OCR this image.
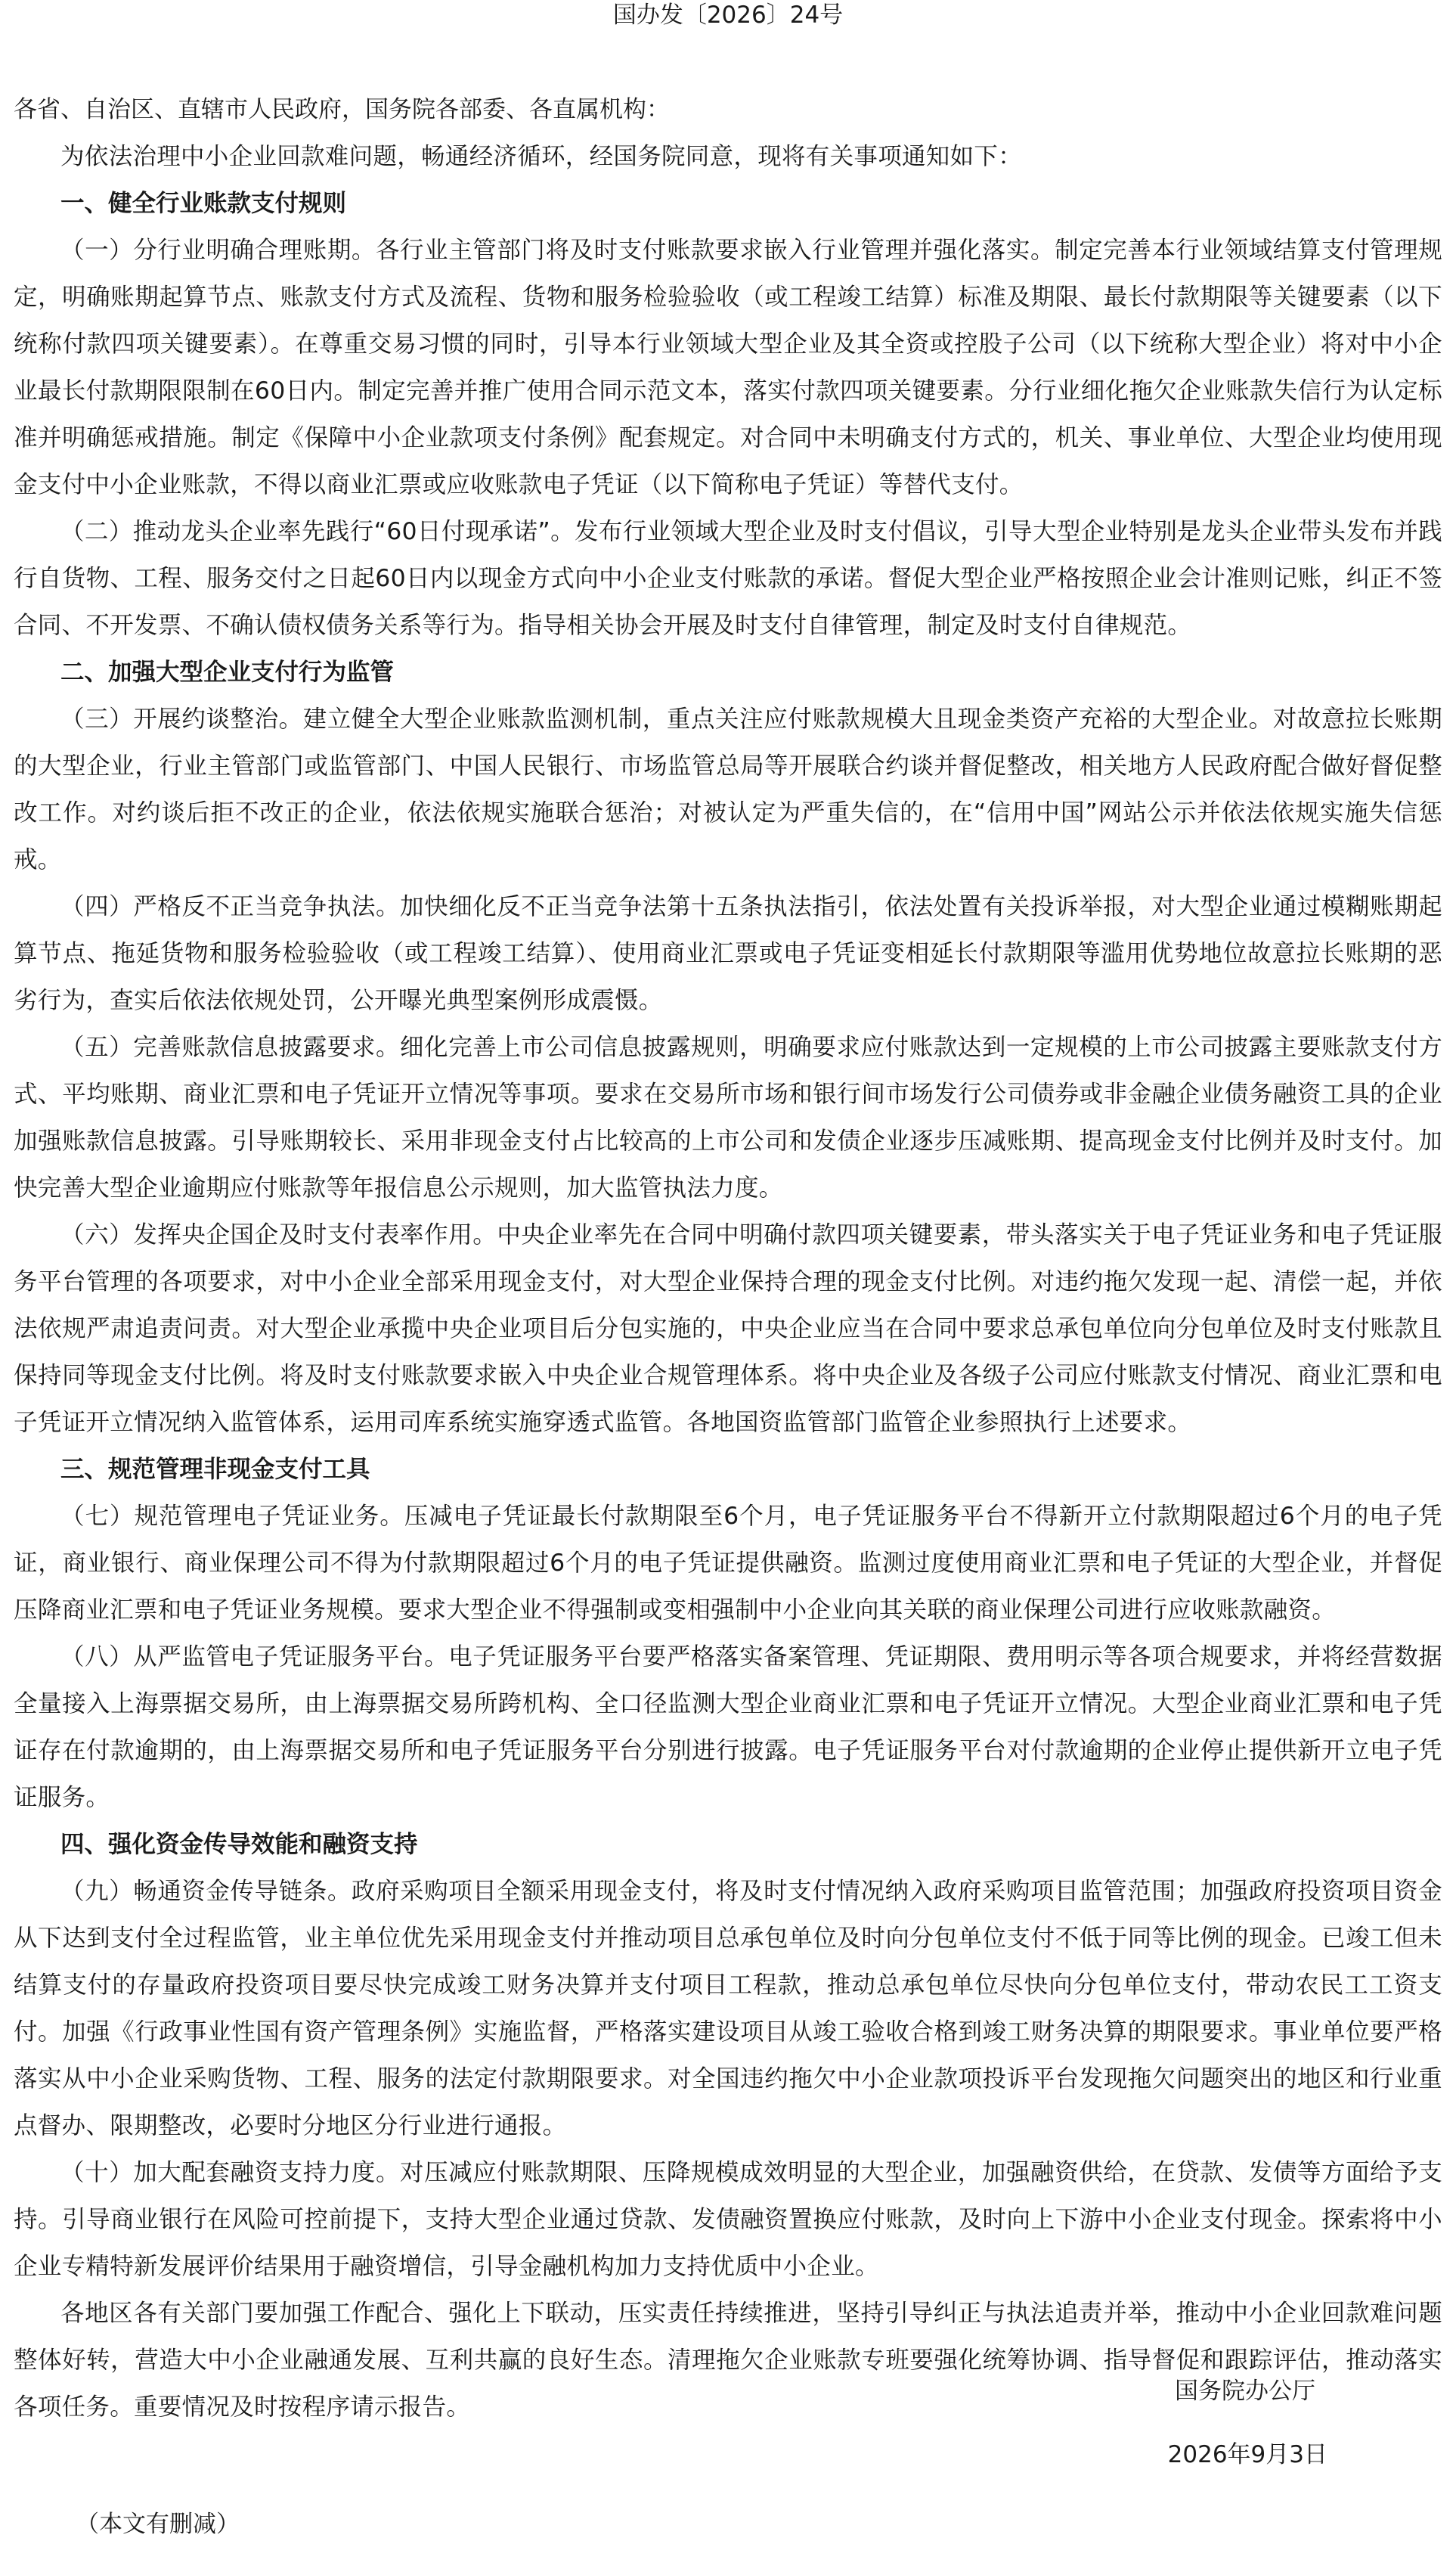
国办发〔2026〕24号

各省、自治区、直辖市人民政府，国务院各部委、各直属机构：

为依法治理中小企业回款难问题，畅通经济循环，经国务院同意，现将有关事项通知如下：

一、健全行业账款支付规则

（一）分行业明确合理账期。各行业主管部门将及时支付账款要求嵌入行业管理并强化落实。制定完善本行业领域结算支付管理规定，明确账期起算节点、账款支付方式及流程、货物和服务检验验收（或工程竣工结算）标准及期限、最长付款期限等关键要素（以下统称付款四项关键要素）。在尊重交易习惯的同时，引导本行业领域大型企业及其全资或控股子公司（以下统称大型企业）将对中小企业最长付款期限限制在60日内。制定完善并推广使用合同示范文本，落实付款四项关键要素。分行业细化拖欠企业账款失信行为认定标准并明确惩戒措施。制定《保障中小企业款项支付条例》配套规定。对合同中未明确支付方式的，机关、事业单位、大型企业均使用现金支付中小企业账款，不得以商业汇票或应收账款电子凭证（以下简称电子凭证）等替代支付。

（二）推动龙头企业率先践行“60日付现承诺”。发布行业领域大型企业及时支付倡议，引导大型企业特别是龙头企业带头发布并践行自货物、工程、服务交付之日起60日内以现金方式向中小企业支付账款的承诺。督促大型企业严格按照企业会计准则记账，纠正不签合同、不开发票、不确认债权债务关系等行为。指导相关协会开展及时支付自律管理，制定及时支付自律规范。

二、加强大型企业支付行为监管

（三）开展约谈整治。建立健全大型企业账款监测机制，重点关注应付账款规模大且现金类资产充裕的大型企业。对故意拉长账期的大型企业，行业主管部门或监管部门、中国人民银行、市场监管总局等开展联合约谈并督促整改，相关地方人民政府配合做好督促整改工作。对约谈后拒不改正的企业，依法依规实施联合惩治；对被认定为严重失信的，在“信用中国”网站公示并依法依规实施失信惩戒。

（四）严格反不正当竞争执法。加快细化反不正当竞争法第十五条执法指引，依法处置有关投诉举报，对大型企业通过模糊账期起算节点、拖延货物和服务检验验收（或工程竣工结算）、使用商业汇票或电子凭证变相延长付款期限等滥用优势地位故意拉长账期的恶劣行为，查实后依法依规处罚，公开曝光典型案例形成震慑。

（五）完善账款信息披露要求。细化完善上市公司信息披露规则，明确要求应付账款达到一定规模的上市公司披露主要账款支付方式、平均账期、商业汇票和电子凭证开立情况等事项。要求在交易所市场和银行间市场发行公司债券或非金融企业债务融资工具的企业加强账款信息披露。引导账期较长、采用非现金支付占比较高的上市公司和发债企业逐步压减账期、提高现金支付比例并及时支付。加快完善大型企业逾期应付账款等年报信息公示规则，加大监管执法力度。

（六）发挥央企国企及时支付表率作用。中央企业率先在合同中明确付款四项关键要素，带头落实关于电子凭证业务和电子凭证服务平台管理的各项要求，对中小企业全部采用现金支付，对大型企业保持合理的现金支付比例。对违约拖欠发现一起、清偿一起，并依法依规严肃追责问责。对大型企业承揽中央企业项目后分包实施的，中央企业应当在合同中要求总承包单位向分包单位及时支付账款且保持同等现金支付比例。将及时支付账款要求嵌入中央企业合规管理体系。将中央企业及各级子公司应付账款支付情况、商业汇票和电子凭证开立情况纳入监管体系，运用司库系统实施穿透式监管。各地国资监管部门监管企业参照执行上述要求。

三、规范管理非现金支付工具

（七）规范管理电子凭证业务。压减电子凭证最长付款期限至6个月，电子凭证服务平台不得新开立付款期限超过6个月的电子凭证，商业银行、商业保理公司不得为付款期限超过6个月的电子凭证提供融资。监测过度使用商业汇票和电子凭证的大型企业，并督促压降商业汇票和电子凭证业务规模。要求大型企业不得强制或变相强制中小企业向其关联的商业保理公司进行应收账款融资。

（八）从严监管电子凭证服务平台。电子凭证服务平台要严格落实备案管理、凭证期限、费用明示等各项合规要求，并将经营数据全量接入上海票据交易所，由上海票据交易所跨机构、全口径监测大型企业商业汇票和电子凭证开立情况。大型企业商业汇票和电子凭证存在付款逾期的，由上海票据交易所和电子凭证服务平台分别进行披露。电子凭证服务平台对付款逾期的企业停止提供新开立电子凭证服务。

四、强化资金传导效能和融资支持

（九）畅通资金传导链条。政府采购项目全额采用现金支付，将及时支付情况纳入政府采购项目监管范围；加强政府投资项目资金从下达到支付全过程监管，业主单位优先采用现金支付并推动项目总承包单位及时向分包单位支付不低于同等比例的现金。已竣工但未结算支付的存量政府投资项目要尽快完成竣工财务决算并支付项目工程款，推动总承包单位尽快向分包单位支付，带动农民工工资支付。加强《行政事业性国有资产管理条例》实施监督，严格落实建设项目从竣工验收合格到竣工财务决算的期限要求。事业单位要严格落实从中小企业采购货物、工程、服务的法定付款期限要求。对全国违约拖欠中小企业款项投诉平台发现拖欠问题突出的地区和行业重点督办、限期整改，必要时分地区分行业进行通报。

（十）加大配套融资支持力度。对压减应付账款期限、压降规模成效明显的大型企业，加强融资供给，在贷款、发债等方面给予支持。引导商业银行在风险可控前提下，支持大型企业通过贷款、发债融资置换应付账款，及时向上下游中小企业支付现金。探索将中小企业专精特新发展评价结果用于融资增信，引导金融机构加力支持优质中小企业。

各地区各有关部门要加强工作配合、强化上下联动，压实责任持续推进，坚持引导纠正与执法追责并举，推动中小企业回款难问题整体好转，营造大中小企业融通发展、互利共赢的良好生态。清理拖欠企业账款专班要强化统筹协调、指导督促和跟踪评估，推动落实各项任务。重要情况及时按程序请示报告。

国务院办公厅

2026年9月3日

（本文有删减）
